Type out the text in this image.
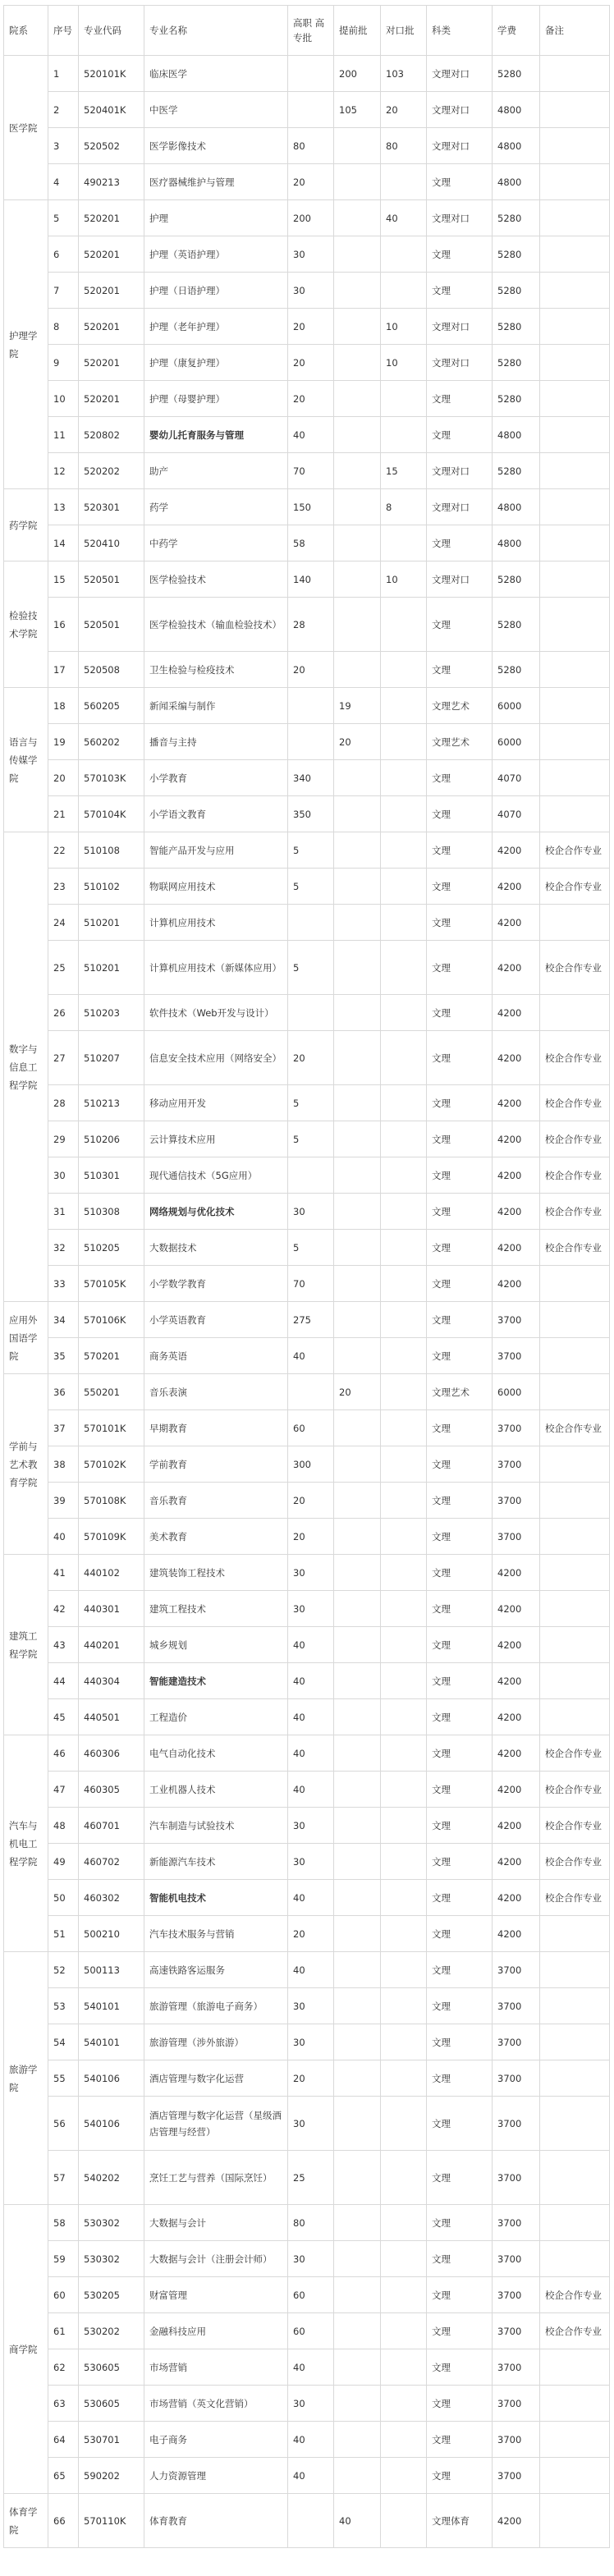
院系	序号	专业代码	专业名称	高职 高专批	提前批	对口批	科类	学费	备注
医学院	1	520101K	临床医学		200	103	文理对口	5280	
	2	520401K	中医学		105	20	文理对口	4800	
	3	520502	医学影像技术	80		80	文理对口	4800	
	4	490213	医疗器械维护与管理	20			文理	4800	
护理学院	5	520201	护理	200		40	文理对口	5280	
	6	520201	护理（英语护理）	30			文理	5280	
	7	520201	护理（日语护理）	30			文理	5280	
	8	520201	护理（老年护理）	20		10	文理对口	5280	
	9	520201	护理（康复护理）	20		10	文理对口	5280	
	10	520201	护理（母婴护理）	20			文理	5280	
	11	520802	婴幼儿托育服务与管理	40			文理	4800	
	12	520202	助产	70		15	文理对口	5280	
药学院	13	520301	药学	150		8	文理对口	4800	
	14	520410	中药学	58			文理	4800	
检验技术学院	15	520501	医学检验技术	140		10	文理对口	5280	
	16	520501	医学检验技术（输血检验技术）	28			文理	5280	
	17	520508	卫生检验与检疫技术	20			文理	5280	
语言与传媒学院	18	560205	新闻采编与制作		19		文理艺术	6000	
	19	560202	播音与主持		20		文理艺术	6000	
	20	570103K	小学教育	340			文理	4070	
	21	570104K	小学语文教育	350			文理	4070	
数字与信息工程学院	22	510108	智能产品开发与应用	5			文理	4200	校企合作专业
	23	510102	物联网应用技术	5			文理	4200	校企合作专业
	24	510201	计算机应用技术				文理	4200	
	25	510201	计算机应用技术（新媒体应用）	5			文理	4200	校企合作专业
	26	510203	软件技术（Web开发与设计）				文理	4200	
	27	510207	信息安全技术应用（网络安全）	20			文理	4200	校企合作专业
	28	510213	移动应用开发	5			文理	4200	校企合作专业
	29	510206	云计算技术应用	5			文理	4200	校企合作专业
	30	510301	现代通信技术（5G应用）				文理	4200	校企合作专业
	31	510308	网络规划与优化技术	30			文理	4200	校企合作专业
	32	510205	大数据技术	5			文理	4200	校企合作专业
	33	570105K	小学数学教育	70			文理	4200	
应用外国语学院	34	570106K	小学英语教育	275			文理	3700	
	35	570201	商务英语	40			文理	3700	
学前与艺术教育学院	36	550201	音乐表演		20		文理艺术	6000	
	37	570101K	早期教育	60			文理	3700	校企合作专业
	38	570102K	学前教育	300			文理	3700	
	39	570108K	音乐教育	20			文理	3700	
	40	570109K	美术教育	20			文理	3700	
建筑工程学院	41	440102	建筑装饰工程技术	30			文理	4200	
	42	440301	建筑工程技术	30			文理	4200	
	43	440201	城乡规划	40			文理	4200	
	44	440304	智能建造技术	40			文理	4200	
	45	440501	工程造价	40			文理	4200	
汽车与机电工程学院	46	460306	电气自动化技术	40			文理	4200	校企合作专业
	47	460305	工业机器人技术	40			文理	4200	校企合作专业
	48	460701	汽车制造与试验技术	30			文理	4200	校企合作专业
	49	460702	新能源汽车技术	30			文理	4200	校企合作专业
	50	460302	智能机电技术	40			文理	4200	校企合作专业
	51	500210	汽车技术服务与营销	20			文理	4200	
旅游学院	52	500113	高速铁路客运服务	40			文理	3700	
	53	540101	旅游管理（旅游电子商务）	30			文理	3700	
	54	540101	旅游管理（涉外旅游）	30			文理	3700	
	55	540106	酒店管理与数字化运营	20			文理	3700	
	56	540106	酒店管理与数字化运营（星级酒店管理与经营）	30			文理	3700	
	57	540202	烹饪工艺与营养（国际烹饪）	25			文理	3700	
商学院	58	530302	大数据与会计	80			文理	3700	
	59	530302	大数据与会计（注册会计师）	30			文理	3700	
	60	530205	财富管理	60			文理	3700	校企合作专业
	61	530202	金融科技应用	60			文理	3700	校企合作专业
	62	530605	市场营销	40			文理	3700	
	63	530605	市场营销（英文化营销）	30			文理	3700	
	64	530701	电子商务	40			文理	3700	
	65	590202	人力资源管理	40			文理	3700	
体育学院	66	570110K	体育教育		40		文理体育	4200	
